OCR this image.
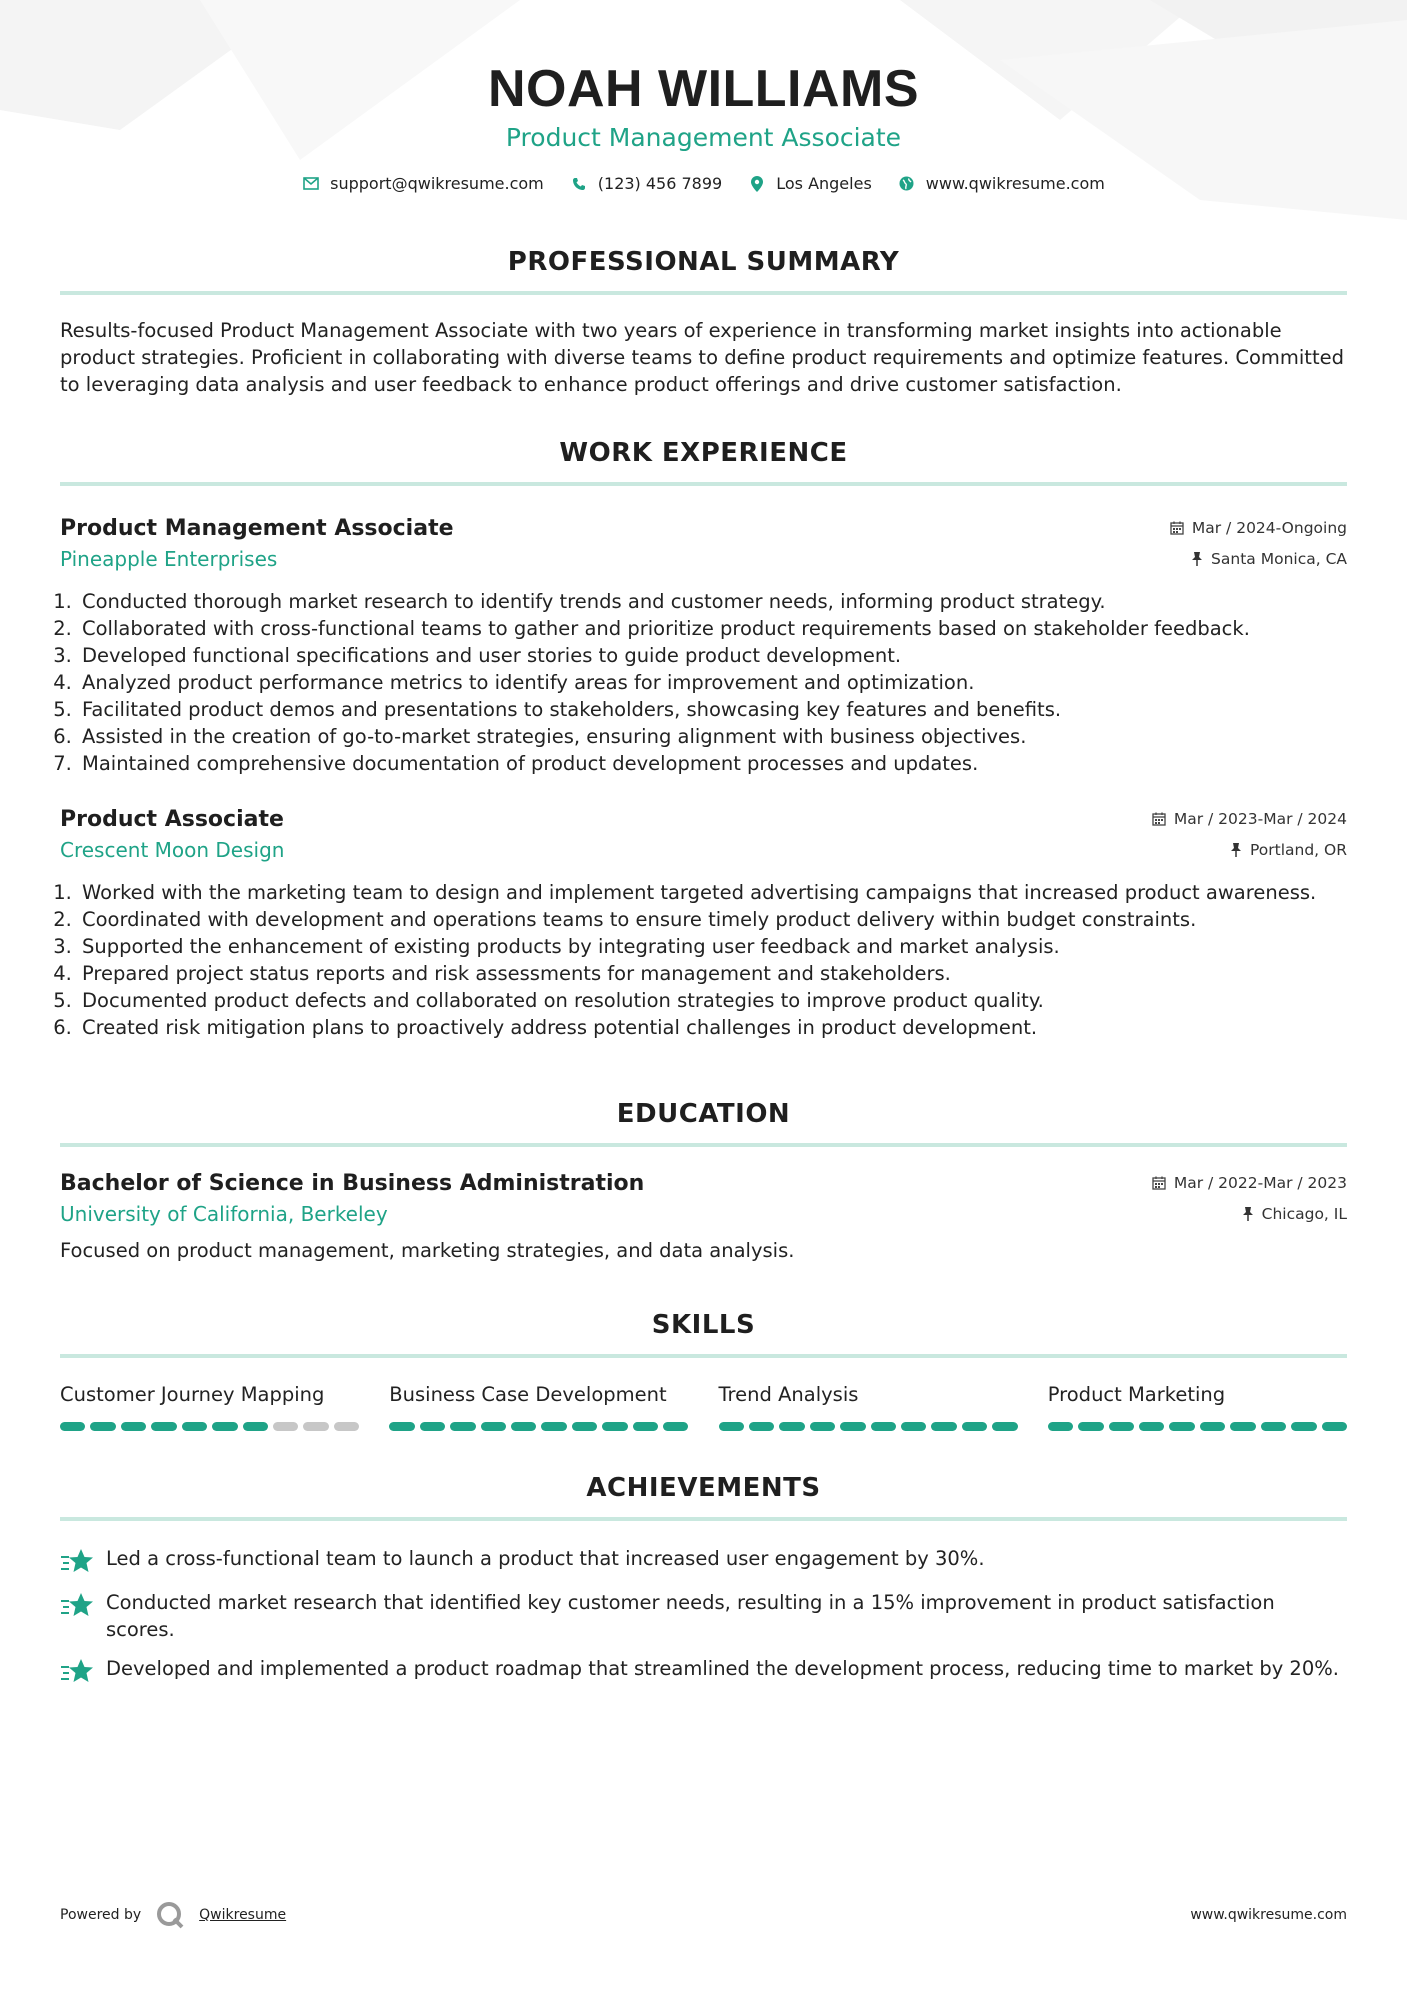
NOAH WILLIAMS
Product Management Associate
support@qwikresume.com	(123) 456 7899	Los Angeles	www.qwikresume.com
PROFESSIONAL SUMMARY
Results-focused Product Management Associate with two years of experience in transforming market insights into actionable product strategies. Proficient in collaborating with diverse teams to define product requirements and optimize features. Committed to leveraging data analysis and user feedback to enhance product offerings and drive customer satisfaction.
WORK EXPERIENCE
Product Management Associate	Mar / 2024-Ongoing
Pineapple Enterprises	Santa Monica, CA
1. Conducted thorough market research to identify trends and customer needs, informing product strategy.
2. Collaborated with cross-functional teams to gather and prioritize product requirements based on stakeholder feedback.
3. Developed functional specifications and user stories to guide product development.
4. Analyzed product performance metrics to identify areas for improvement and optimization.
5. Facilitated product demos and presentations to stakeholders, showcasing key features and benefits.
6. Assisted in the creation of go-to-market strategies, ensuring alignment with business objectives.
7. Maintained comprehensive documentation of product development processes and updates.
Product Associate	Mar / 2023-Mar / 2024
Crescent Moon Design	Portland, OR
1. Worked with the marketing team to design and implement targeted advertising campaigns that increased product awareness.
2. Coordinated with development and operations teams to ensure timely product delivery within budget constraints.
3. Supported the enhancement of existing products by integrating user feedback and market analysis.
4. Prepared project status reports and risk assessments for management and stakeholders.
5. Documented product defects and collaborated on resolution strategies to improve product quality.
6. Created risk mitigation plans to proactively address potential challenges in product development.
EDUCATION
Bachelor of Science in Business Administration	Mar / 2022-Mar / 2023
University of California, Berkeley	Chicago, IL
Focused on product management, marketing strategies, and data analysis.
SKILLS
Customer Journey Mapping	Business Case Development	Trend Analysis	Product Marketing
ACHIEVEMENTS
Led a cross-functional team to launch a product that increased user engagement by 30%.
Conducted market research that identified key customer needs, resulting in a 15% improvement in product satisfaction scores.
Developed and implemented a product roadmap that streamlined the development process, reducing time to market by 20%.
Powered by	Qwikresume	www.qwikresume.com
